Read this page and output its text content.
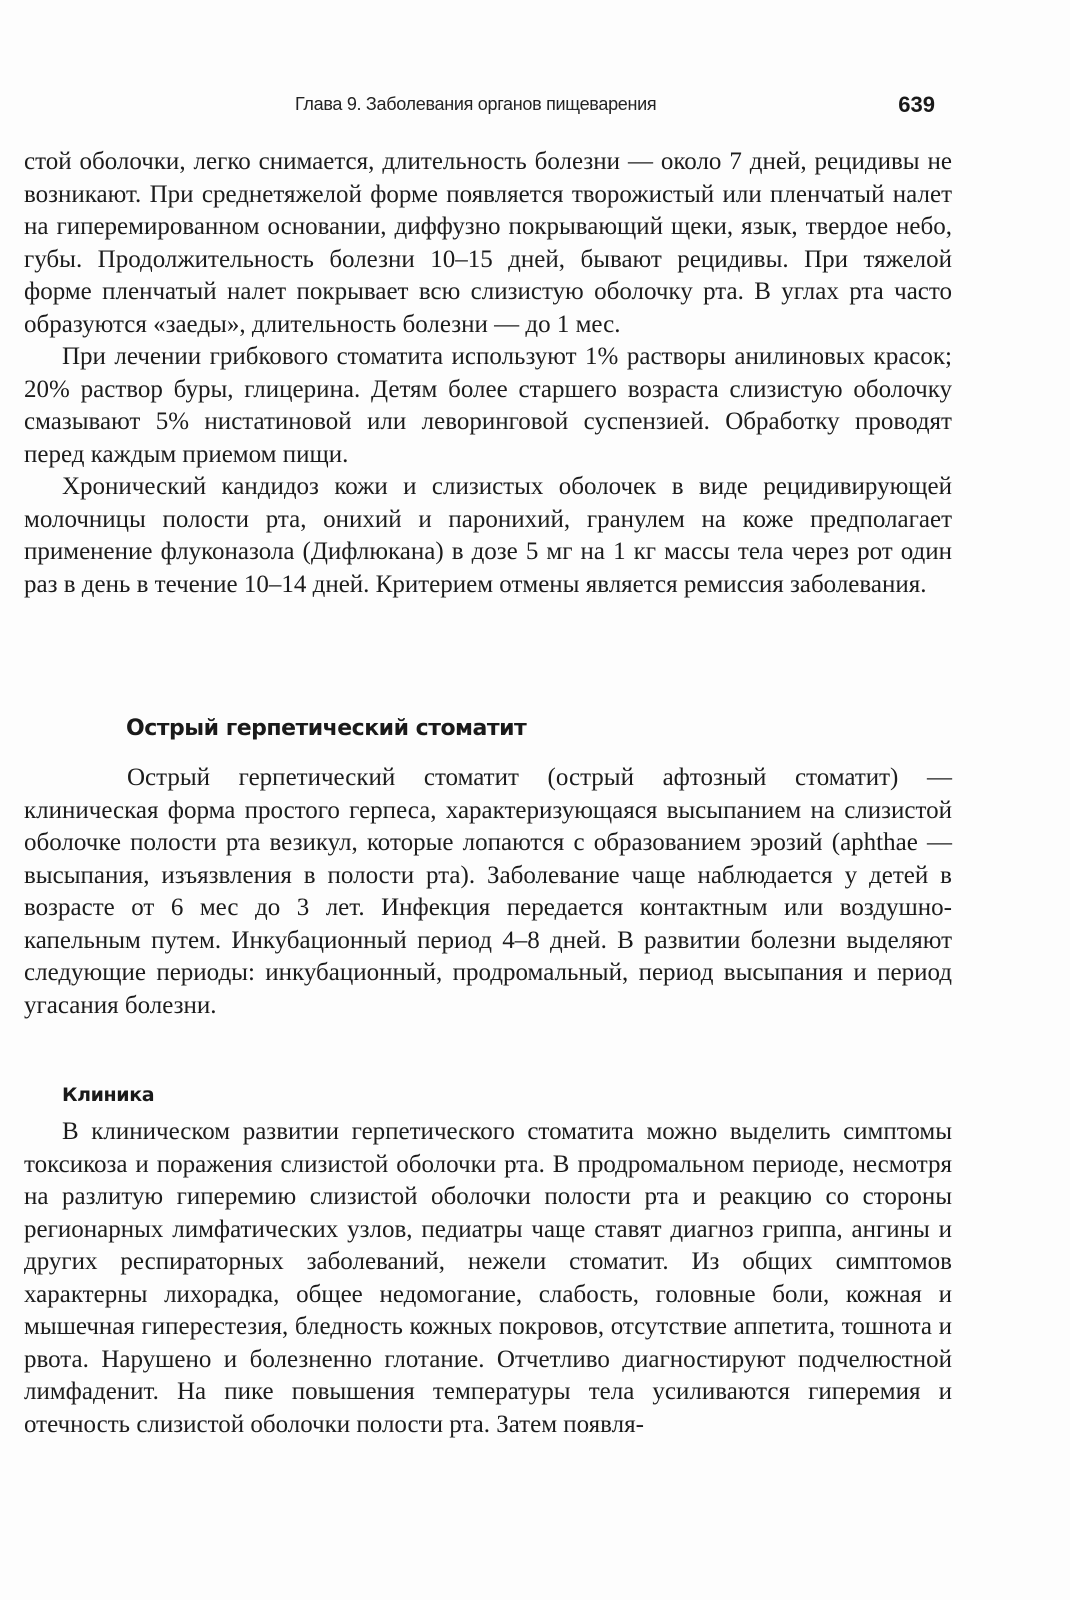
Глава 9. Заболевания органов пищеварения	639

стой оболочки, легко снимается, длительность болезни — около 7 дней, рецидивы не возникают. При среднетяжелой форме появляется творожистый или пленчатый налет на гиперемированном основании, диффузно покрывающий щеки, язык, твердое небо, губы. Продолжительность болезни 10–15 дней, бывают рецидивы. При тяжелой форме пленчатый налет покрывает всю слизистую оболочку рта. В углах рта часто образуются «заеды», длительность болезни — до 1 мес.

При лечении грибкового стоматита используют 1% растворы анилиновых красок; 20% раствор буры, глицерина. Детям более старшего возраста слизистую оболочку смазывают 5% нистатиновой или леворинговой суспензией. Обработку проводят перед каждым приемом пищи.

Хронический кандидоз кожи и слизистых оболочек в виде рецидивирующей молочницы полости рта, онихий и паронихий, гранулем на коже предполагает применение флуконазола (Дифлюкана) в дозе 5 мг на 1 кг массы тела через рот один раз в день в течение 10–14 дней. Критерием отмены является ремиссия заболевания.

Острый герпетический стоматит

Острый герпетический стоматит (острый афтозный стоматит) — клиническая форма простого герпеса, характеризующаяся высыпанием на слизистой оболочке полости рта везикул, которые лопаются с образованием эрозий (aphthae — высыпания, изъязвления в полости рта). Заболевание чаще наблюдается у детей в возрасте от 6 мес до 3 лет. Инфекция передается контактным или воздушно-капельным путем. Инкубационный период 4–8 дней. В развитии болезни выделяют следующие периоды: инкубационный, продромальный, период высыпания и период угасания болезни.

Клиника

В клиническом развитии герпетического стоматита можно выделить симптомы токсикоза и поражения слизистой оболочки рта. В продромальном периоде, несмотря на разлитую гиперемию слизистой оболочки полости рта и реакцию со стороны регионарных лимфатических узлов, педиатры чаще ставят диагноз гриппа, ангины и других респираторных заболеваний, нежели стоматит. Из общих симптомов характерны лихорадка, общее недомогание, слабость, головные боли, кожная и мышечная гиперестезия, бледность кожных покровов, отсутствие аппетита, тошнота и рвота. Нарушено и болезненно глотание. Отчетливо диагностируют подчелюстной лимфаденит. На пике повышения температуры тела усиливаются гиперемия и отечность слизистой оболочки полости рта. Затем появля-
